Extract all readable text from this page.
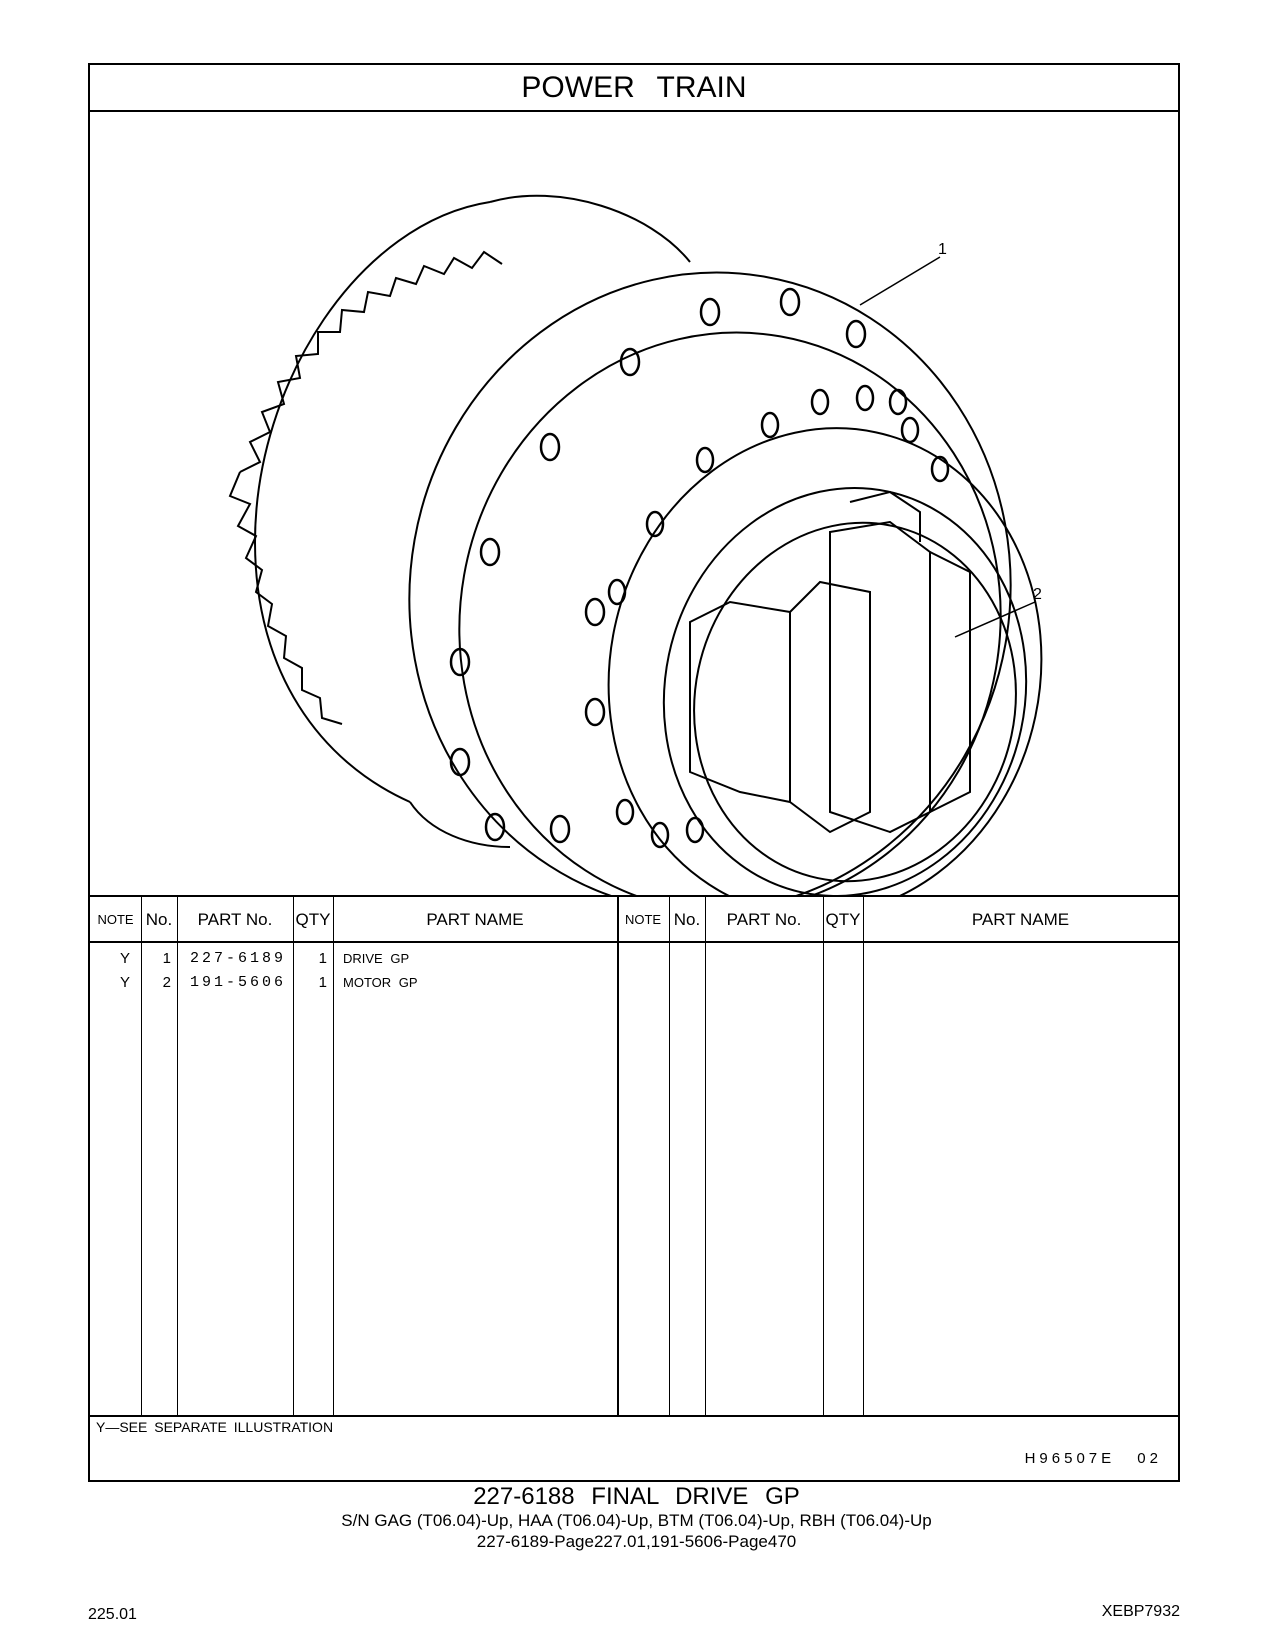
POWER TRAIN
1
2
NOTE No.	PART No.	QTY	PART NAME	NOTE No.	PART No.	QTY	PART NAME
Y	1 227-6189	1 DRIVE GP
Y	2 191-5606	1 MOTOR GP
Y—SEE SEPARATE ILLUSTRATION
H96507E 02
227-6188 FINAL DRIVE GP
S/N GAG (T06.04)-Up, HAA (T06.04)-Up, BTM (T06.04)-Up, RBH (T06.04)-Up
227-6189-Page227.01,191-5606-Page470
225.01	XEBP7932
